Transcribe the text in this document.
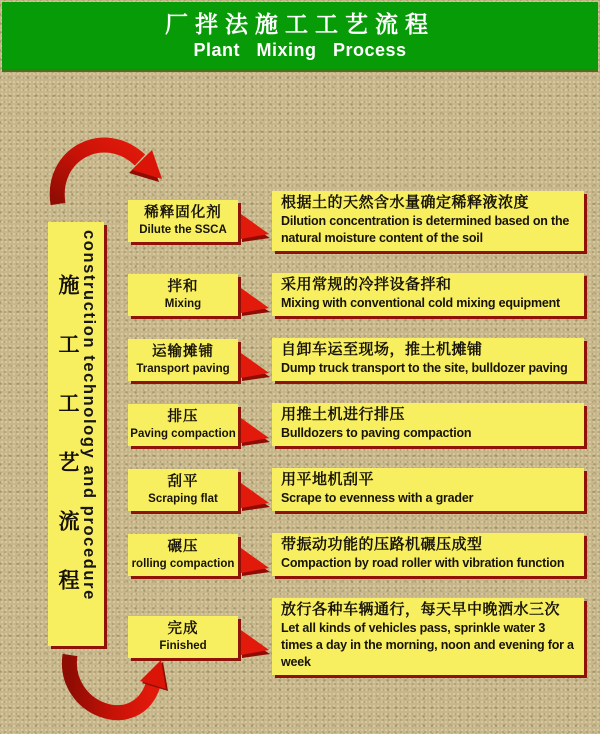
厂拌法施工工艺流程
Plant Mixing Process
施工工艺流程 construction technology and procedure
稀释固化剂
Dilute the SSCA
根据土的天然含水量确定稀释液浓度
Dilution concentration is determined based on the natural moisture content of the soil
拌和
Mixing
采用常规的冷拌设备拌和
Mixing with conventional cold mixing equipment
运输摊铺
Transport paving
自卸车运至现场，推土机摊铺
Dump truck transport to the site, bulldozer paving
排压
Paving compaction
用推土机进行排压
Bulldozers to paving compaction
刮平
Scraping flat
用平地机刮平
Scrape to evenness with a grader
碾压
rolling compaction
带振动功能的压路机碾压成型
Compaction by road roller with vibration function
完成
Finished
放行各种车辆通行，每天早中晚洒水三次
Let all kinds of vehicles pass, sprinkle water 3 times a day in the morning, noon and evening for a week
